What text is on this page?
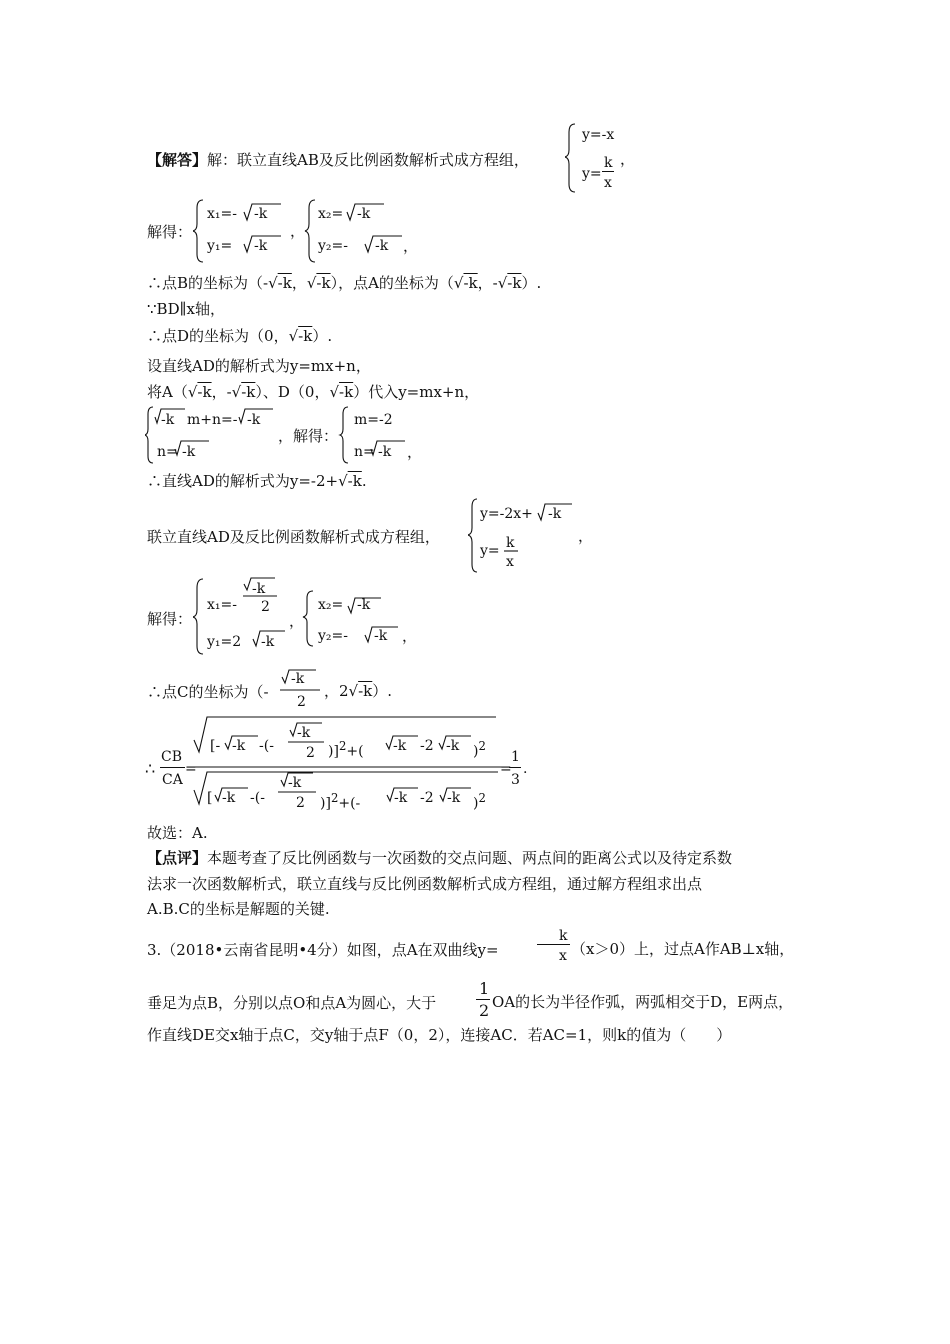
【解答】解：联立直线AB及反比例函数解析式成方程组，
y=-x
y=
k
x
，
解得：
x₁=- -k
y₁= -k
，
x₂= -k
y₂=- -k ，
∴点B的坐标为（-√-k，√-k），点A的坐标为（√-k，-√-k）.
∵BD∥x轴，
∴点D的坐标为（0，√-k）.
设直线AD的解析式为y=mx+n，
将A（√-k，-√-k）、D（0，√-k）代入y=mx+n，
-k m+n=- -k
n= -k
，解得：
m=-2
n= -k ，
∴直线AD的解析式为y=-2+√-k.
联立直线AD及反比例函数解析式成方程组，
y=-2x+ -k
y= k
x
，
解得：
x₁=-
-k
2
y₁=2 -k
，
x₂= -k
y₂=- -k ，
∴点C的坐标为（-
-k
2
，2√-k）.
∴
CB
CA
=
[- -k -(-
-k
2 )]$^2$+( -k -2 -k )$^2$
[ -k -(-
-k
2 )]$^2$+(- -k -2 -k )$^2$
=
1
3
.
故选：A.
【点评】本题考查了反比例函数与一次函数的交点问题、两点间的距离公式以及待定系数
法求一次函数解析式，联立直线与反比例函数解析式成方程组，通过解方程组求出点
A.B.C的坐标是解题的关键.
3.（2018•云南省昆明•4分）如图，点A在双曲线y=
k
x （x＞0）上，过点A作AB⊥x轴，
垂足为点B，分别以点O和点A为圆心，大于
1
2 OA的长为半径作弧，两弧相交于D，E两点，
作直线DE交x轴于点C，交y轴于点F（0，2），连接AC．若AC=1，则k的值为（　　）
